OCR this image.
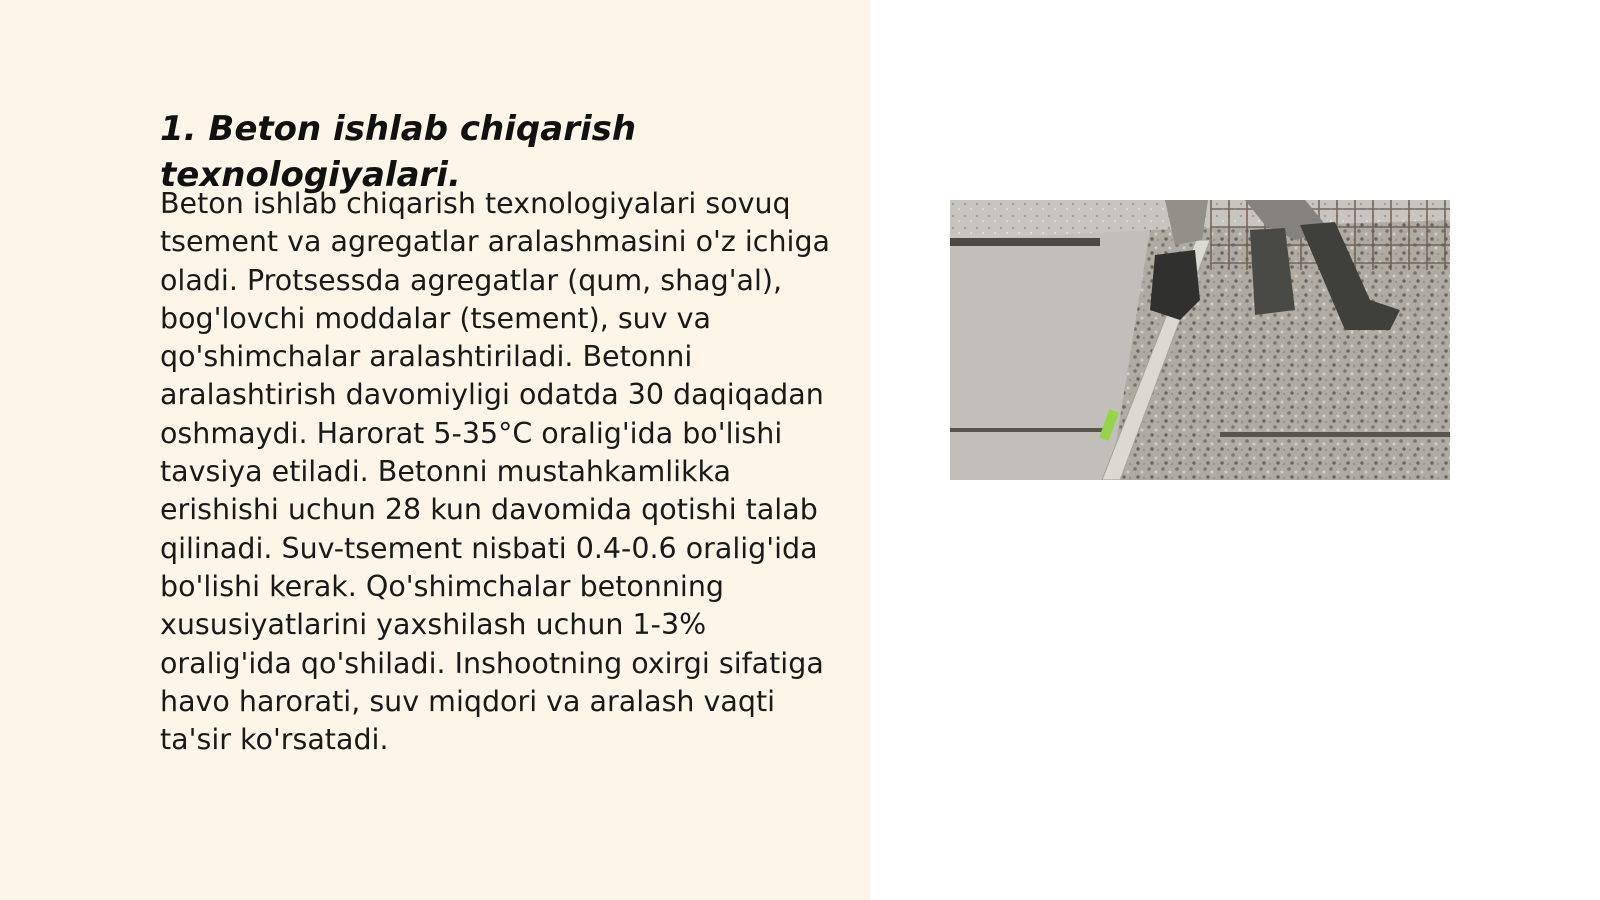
1. Beton ishlab chiqarish texnologiyalari.

Beton ishlab chiqarish texnologiyalari sovuq tsement va agregatlar aralashmasini o'z ichiga oladi. Protsessda agregatlar (qum, shag'al), bog'lovchi moddalar (tsement), suv va qo'shimchalar aralashtiriladi. Betonni aralashtirish davomiyligi odatda 30 daqiqadan oshmaydi. Harorat 5-35°C oralig'ida bo'lishi tavsiya etiladi. Betonni mustahkamlikka erishishi uchun 28 kun davomida qotishi talab qilinadi. Suv-tsement nisbati 0.4-0.6 oralig'ida bo'lishi kerak. Qo'shimchalar betonning xususiyatlarini yaxshilash uchun 1-3% oralig'ida qo'shiladi. Inshootning oxirgi sifatiga havo harorati, suv miqdori va aralash vaqti ta'sir ko'rsatadi.
